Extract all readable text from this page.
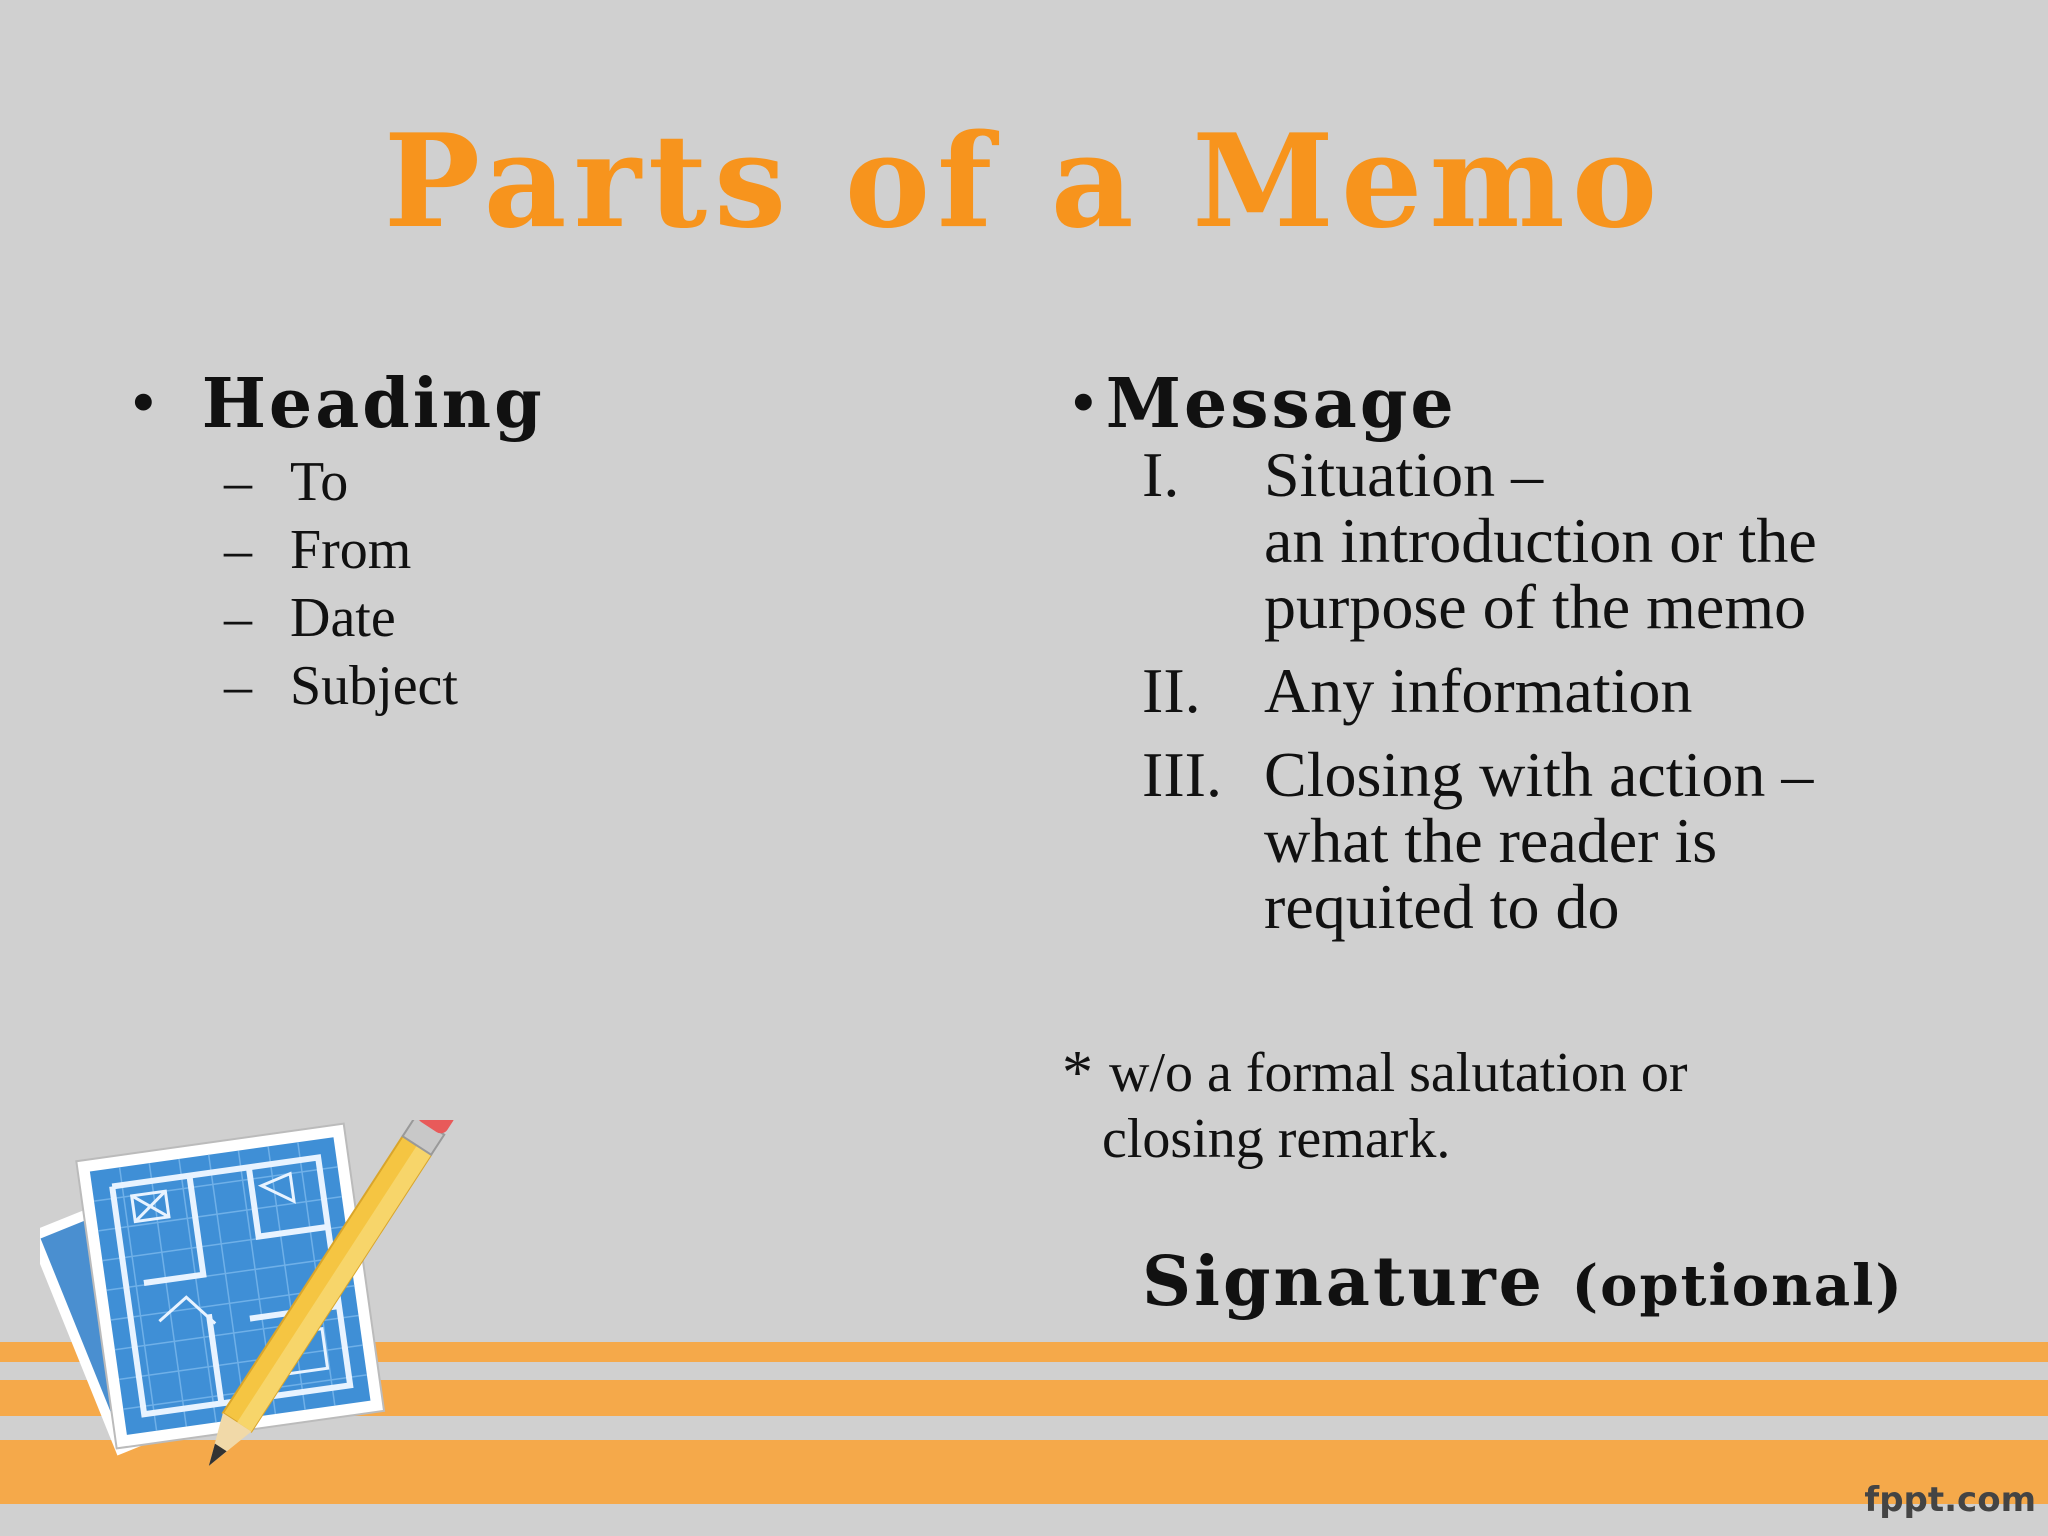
Parts of a Memo
• Heading
– To
– From
– Date
– Subject
• Message
I.	Situation –
an introduction or the
purpose of the memo
II. Any information
III. Closing with action –
what the reader is
requited to do
* w/o a formal salutation or
closing remark.
Signature (optional)
fppt.com
